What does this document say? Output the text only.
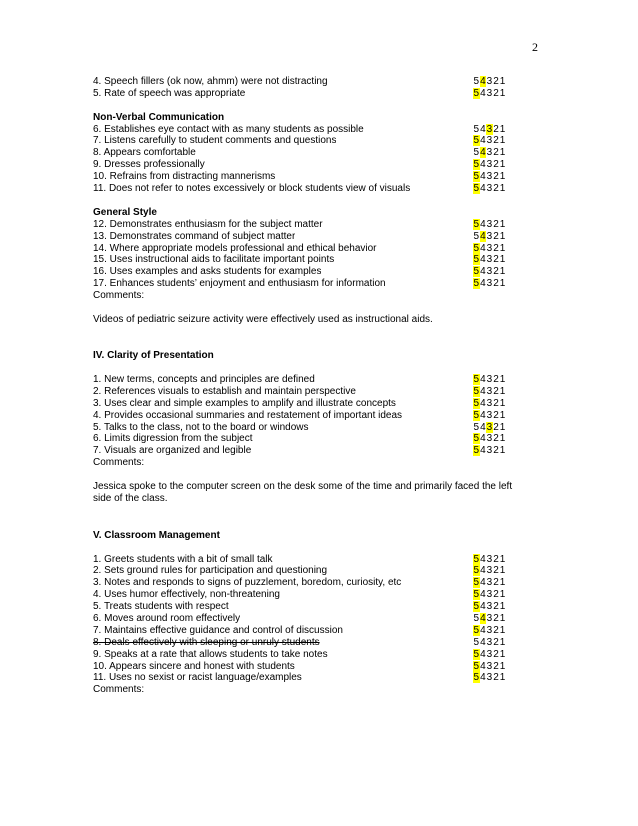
2
4. Speech fillers (ok now, ahmm) were not distracting	54321
5. Rate of speech was appropriate	54321
Non-Verbal Communication
6. Establishes eye contact with as many students as possible	54321
7. Listens carefully to student comments and questions	54321
8. Appears comfortable	54321
9. Dresses professionally	54321
10. Refrains from distracting mannerisms	54321
11. Does not refer to notes excessively or block students view of visuals	54321
General Style
12. Demonstrates enthusiasm for the subject matter	54321
13. Demonstrates command of subject matter	54321
14. Where appropriate models professional and ethical behavior	54321
15. Uses instructional aids to facilitate important points	54321
16. Uses examples and asks students for examples	54321
17. Enhances students’ enjoyment and enthusiasm for information	54321
Comments:
Videos of pediatric seizure activity were effectively used as instructional aids.
IV. Clarity of Presentation
1. New terms, concepts and principles are defined	54321
2. References visuals to establish and maintain perspective	54321
3. Uses clear and simple examples to amplify and illustrate concepts	54321
4. Provides occasional summaries and restatement of important ideas	54321
5. Talks to the class, not to the board or windows	54321
6. Limits digression from the subject	54321
7. Visuals are organized and legible	54321
Comments:
Jessica spoke to the computer screen on the desk some of the time and primarily faced the left side of the class.
V. Classroom Management
1. Greets students with a bit of small talk	54321
2. Sets ground rules for participation and questioning	54321
3. Notes and responds to signs of puzzlement, boredom, curiosity, etc	54321
4. Uses humor effectively, non-threatening	54321
5. Treats students with respect	54321
6. Moves around room effectively	54321
7. Maintains effective guidance and control of discussion	54321
8. Deals effectively with sleeping or unruly students	54321
9. Speaks at a rate that allows students to take notes	54321
10. Appears sincere and honest with students	54321
11. Uses no sexist or racist language/examples	54321
Comments:
